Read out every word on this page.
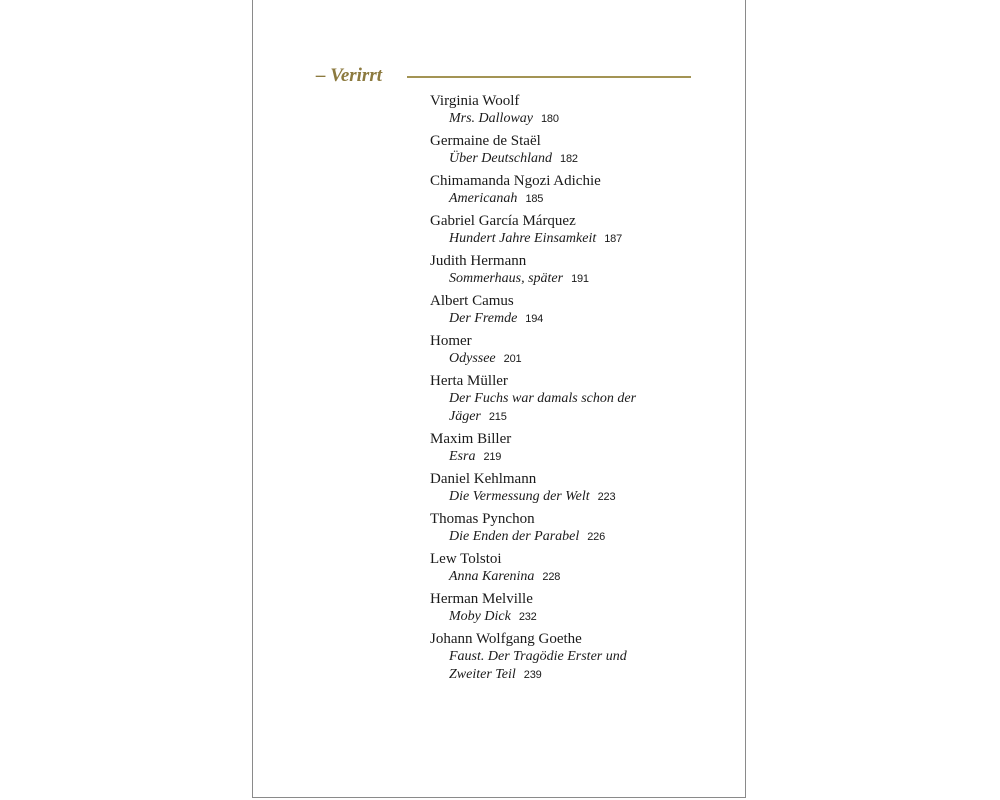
– Verirrt
Virginia Woolf
Mrs. Dalloway 180
Germaine de Staël
Über Deutschland 182
Chimamanda Ngozi Adichie
Americanah 185
Gabriel García Márquez
Hundert Jahre Einsamkeit 187
Judith Hermann
Sommerhaus, später 191
Albert Camus
Der Fremde 194
Homer
Odyssee 201
Herta Müller
Der Fuchs war damals schon der Jäger 215
Maxim Biller
Esra 219
Daniel Kehlmann
Die Vermessung der Welt 223
Thomas Pynchon
Die Enden der Parabel 226
Lew Tolstoi
Anna Karenina 228
Herman Melville
Moby Dick 232
Johann Wolfgang Goethe
Faust. Der Tragödie Erster und Zweiter Teil 239
